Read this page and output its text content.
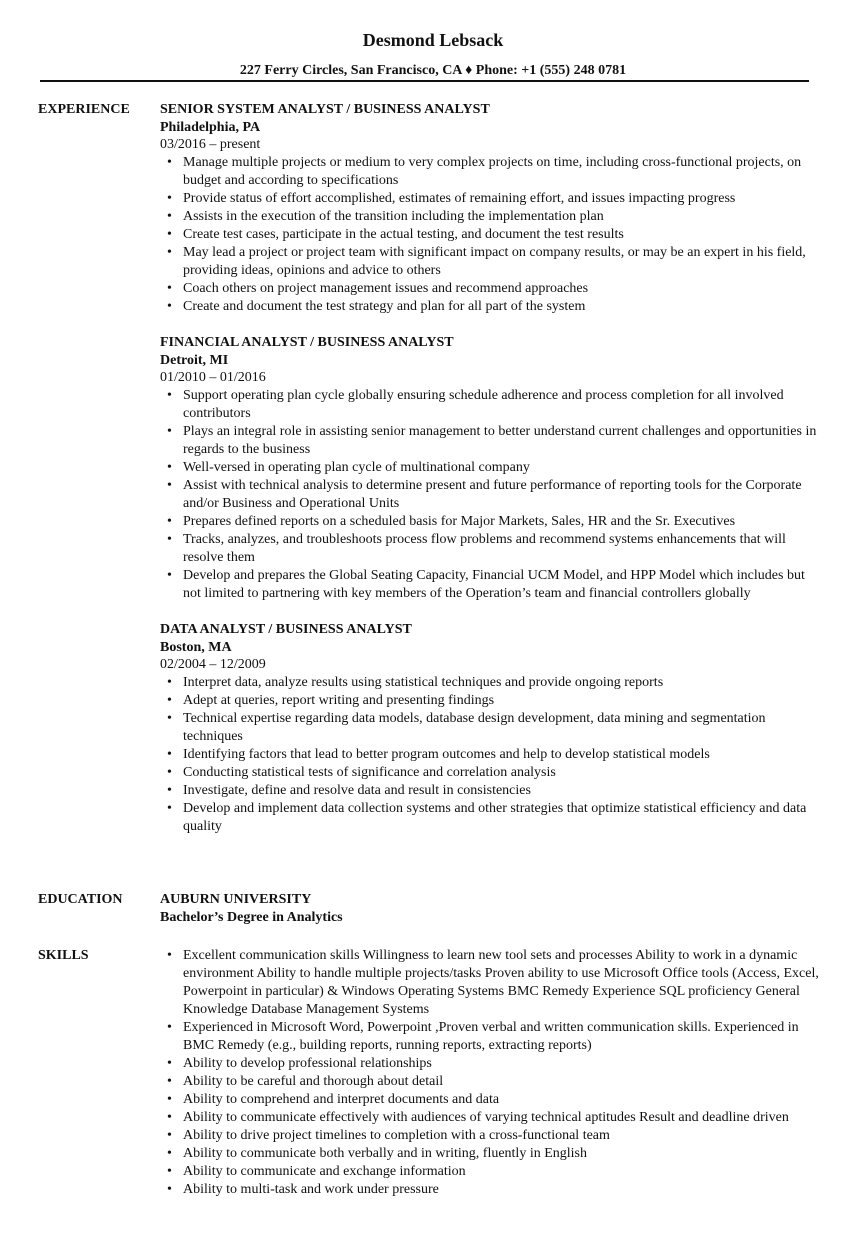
Desmond Lebsack
227 Ferry Circles, San Francisco, CA ♦ Phone: +1 (555) 248 0781
EXPERIENCE SENIOR SYSTEM ANALYST / BUSINESS ANALYST
Philadelphia, PA
03/2016 – present
• Manage multiple projects or medium to very complex projects on time, including cross-functional projects, on budget and according to specifications
• Provide status of effort accomplished, estimates of remaining effort, and issues impacting progress
• Assists in the execution of the transition including the implementation plan
• Create test cases, participate in the actual testing, and document the test results
• May lead a project or project team with significant impact on company results, or may be an expert in his field, providing ideas, opinions and advice to others
• Coach others on project management issues and recommend approaches
• Create and document the test strategy and plan for all part of the system
FINANCIAL ANALYST / BUSINESS ANALYST
Detroit, MI
01/2010 – 01/2016
• Support operating plan cycle globally ensuring schedule adherence and process completion for all involved contributors
• Plays an integral role in assisting senior management to better understand current challenges and opportunities in regards to the business
• Well-versed in operating plan cycle of multinational company
• Assist with technical analysis to determine present and future performance of reporting tools for the Corporate and/or Business and Operational Units
• Prepares defined reports on a scheduled basis for Major Markets, Sales, HR and the Sr. Executives
• Tracks, analyzes, and troubleshoots process flow problems and recommend systems enhancements that will resolve them
• Develop and prepares the Global Seating Capacity, Financial UCM Model, and HPP Model which includes but not limited to partnering with key members of the Operation’s team and financial controllers globally
DATA ANALYST / BUSINESS ANALYST
Boston, MA
02/2004 – 12/2009
• Interpret data, analyze results using statistical techniques and provide ongoing reports
• Adept at queries, report writing and presenting findings
• Technical expertise regarding data models, database design development, data mining and segmentation techniques
• Identifying factors that lead to better program outcomes and help to develop statistical models
• Conducting statistical tests of significance and correlation analysis
• Investigate, define and resolve data and result in consistencies
• Develop and implement data collection systems and other strategies that optimize statistical efficiency and data quality
EDUCATION	AUBURN UNIVERSITY
Bachelor’s Degree in Analytics
SKILLS
•	Excellent communication skills Willingness to learn new tool sets and processes Ability to work in a dynamic environment Ability to handle multiple projects/tasks Proven ability to use Microsoft Office tools (Access, Excel, Powerpoint in particular) & Windows Operating Systems BMC Remedy Experience SQL proficiency General Knowledge Database Management Systems
• Experienced in Microsoft Word, Powerpoint ,Proven verbal and written communication skills. Experienced in BMC Remedy (e.g., building reports, running reports, extracting reports)
• Ability to develop professional relationships
• Ability to be careful and thorough about detail
• Ability to comprehend and interpret documents and data
• Ability to communicate effectively with audiences of varying technical aptitudes Result and deadline driven
• Ability to drive project timelines to completion with a cross-functional team
• Ability to communicate both verbally and in writing, fluently in English
• Ability to communicate and exchange information
• Ability to multi-task and work under pressure
